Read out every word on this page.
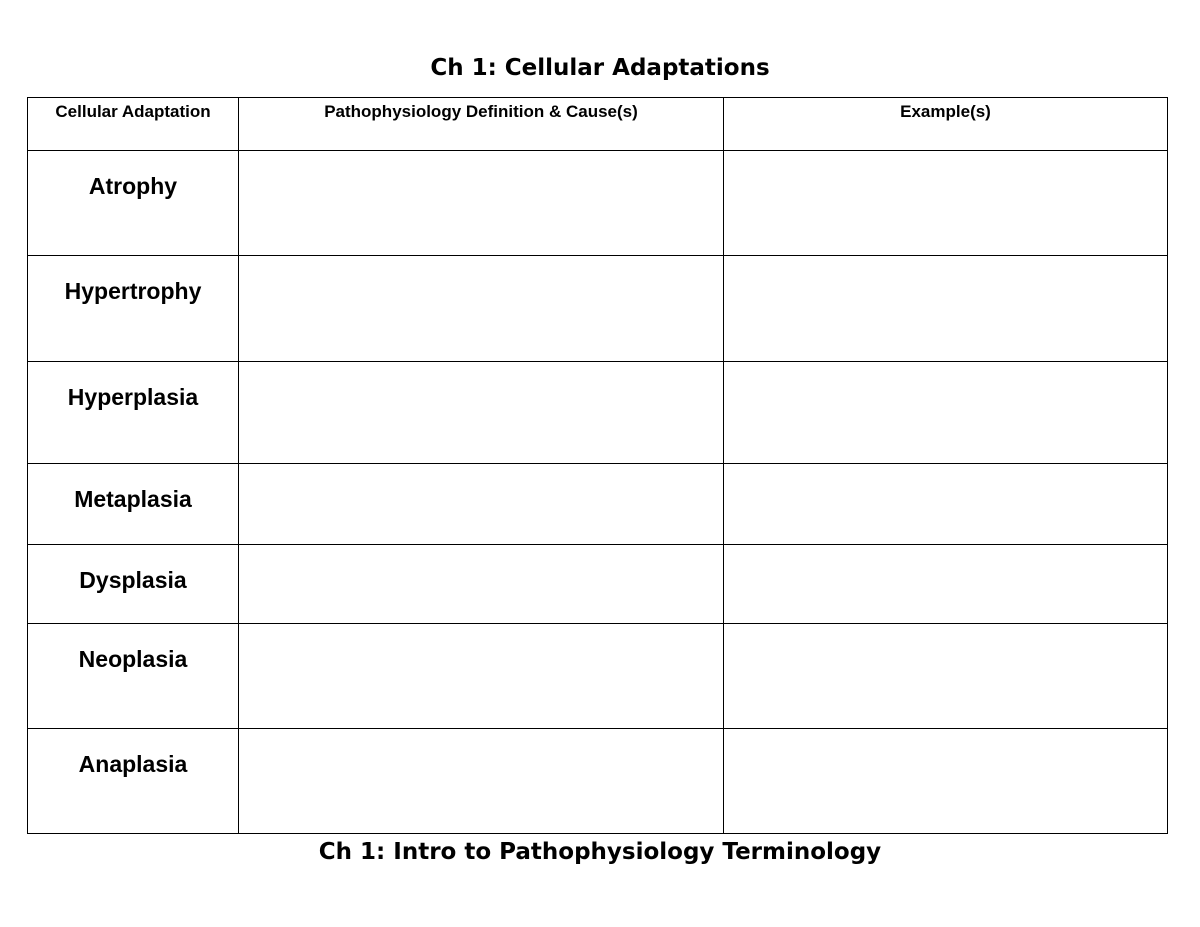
Ch 1: Cellular Adaptations
Cellular Adaptation	Pathophysiology Definition & Cause(s)	Example(s)
Atrophy		
Hypertrophy		
Hyperplasia		
Metaplasia		
Dysplasia		
Neoplasia		
Anaplasia		
Ch 1: Intro to Pathophysiology Terminology
